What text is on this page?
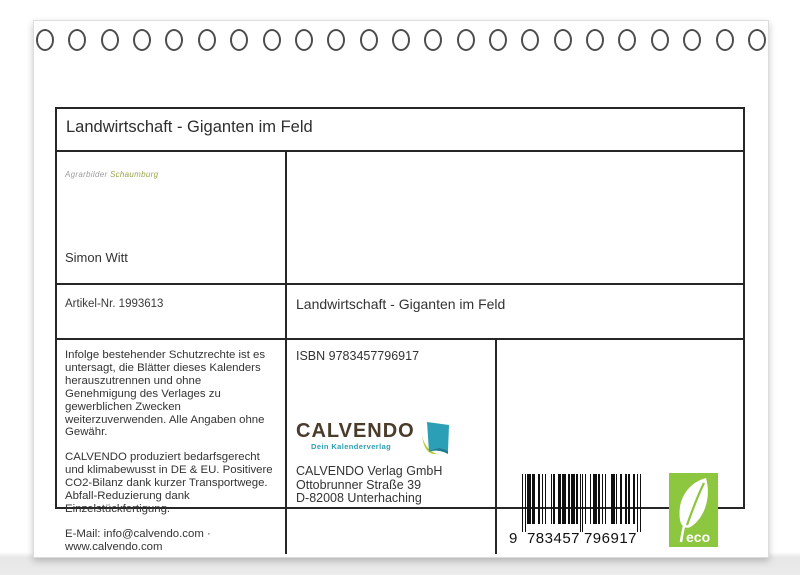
Landwirtschaft - Giganten im Feld
Agrarbilder Schaumburg
Simon Witt
Artikel-Nr. 1993613	Landwirtschaft - Giganten im Feld

Infolge bestehender Schutzrechte ist es untersagt, die Blätter dieses Kalenders herauszutrennen und ohne Genehmigung des Verlages zu gewerblichen Zwecken weiterzuverwenden. Alle Angaben ohne Gewähr.

CALVENDO produziert bedarfsgerecht und klimabewusst in DE & EU. Positivere CO2-Bilanz dank kurzer Transportwege. Abfall-Reduzierung dank Einzelstückfertigung.

E-Mail: info@calvendo.com ·
www.calvendo.com
ISBN 9783457796917
CALVENDO
Dein Kalenderverlag
CALVENDO Verlag GmbH
Ottobrunner Straße 39
D-82008 Unterhaching
9 783457 796917	eco
